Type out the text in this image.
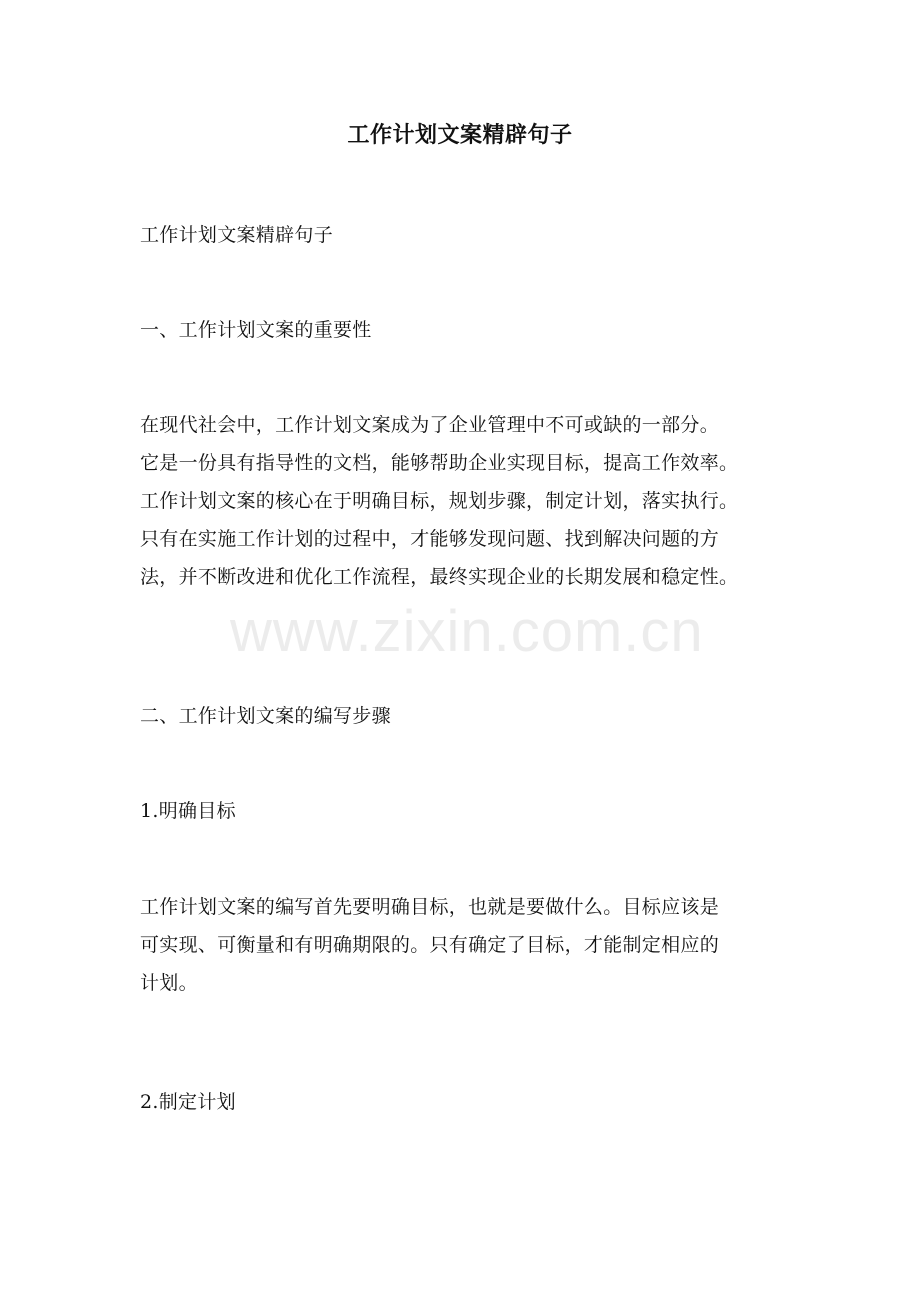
工作计划文案精辟句子
工作计划文案精辟句子
一、工作计划文案的重要性
在现代社会中，工作计划文案成为了企业管理中不可或缺的一部分。
它是一份具有指导性的文档，能够帮助企业实现目标，提高工作效率。
工作计划文案的核心在于明确目标，规划步骤，制定计划，落实执行。
只有在实施工作计划的过程中，才能够发现问题、找到解决问题的方
法，并不断改进和优化工作流程，最终实现企业的长期发展和稳定性。
二、工作计划文案的编写步骤
1.明确目标
工作计划文案的编写首先要明确目标，也就是要做什么。目标应该是
可实现、可衡量和有明确期限的。只有确定了目标，才能制定相应的
计划。
2.制定计划
www.zixin.com.cn
